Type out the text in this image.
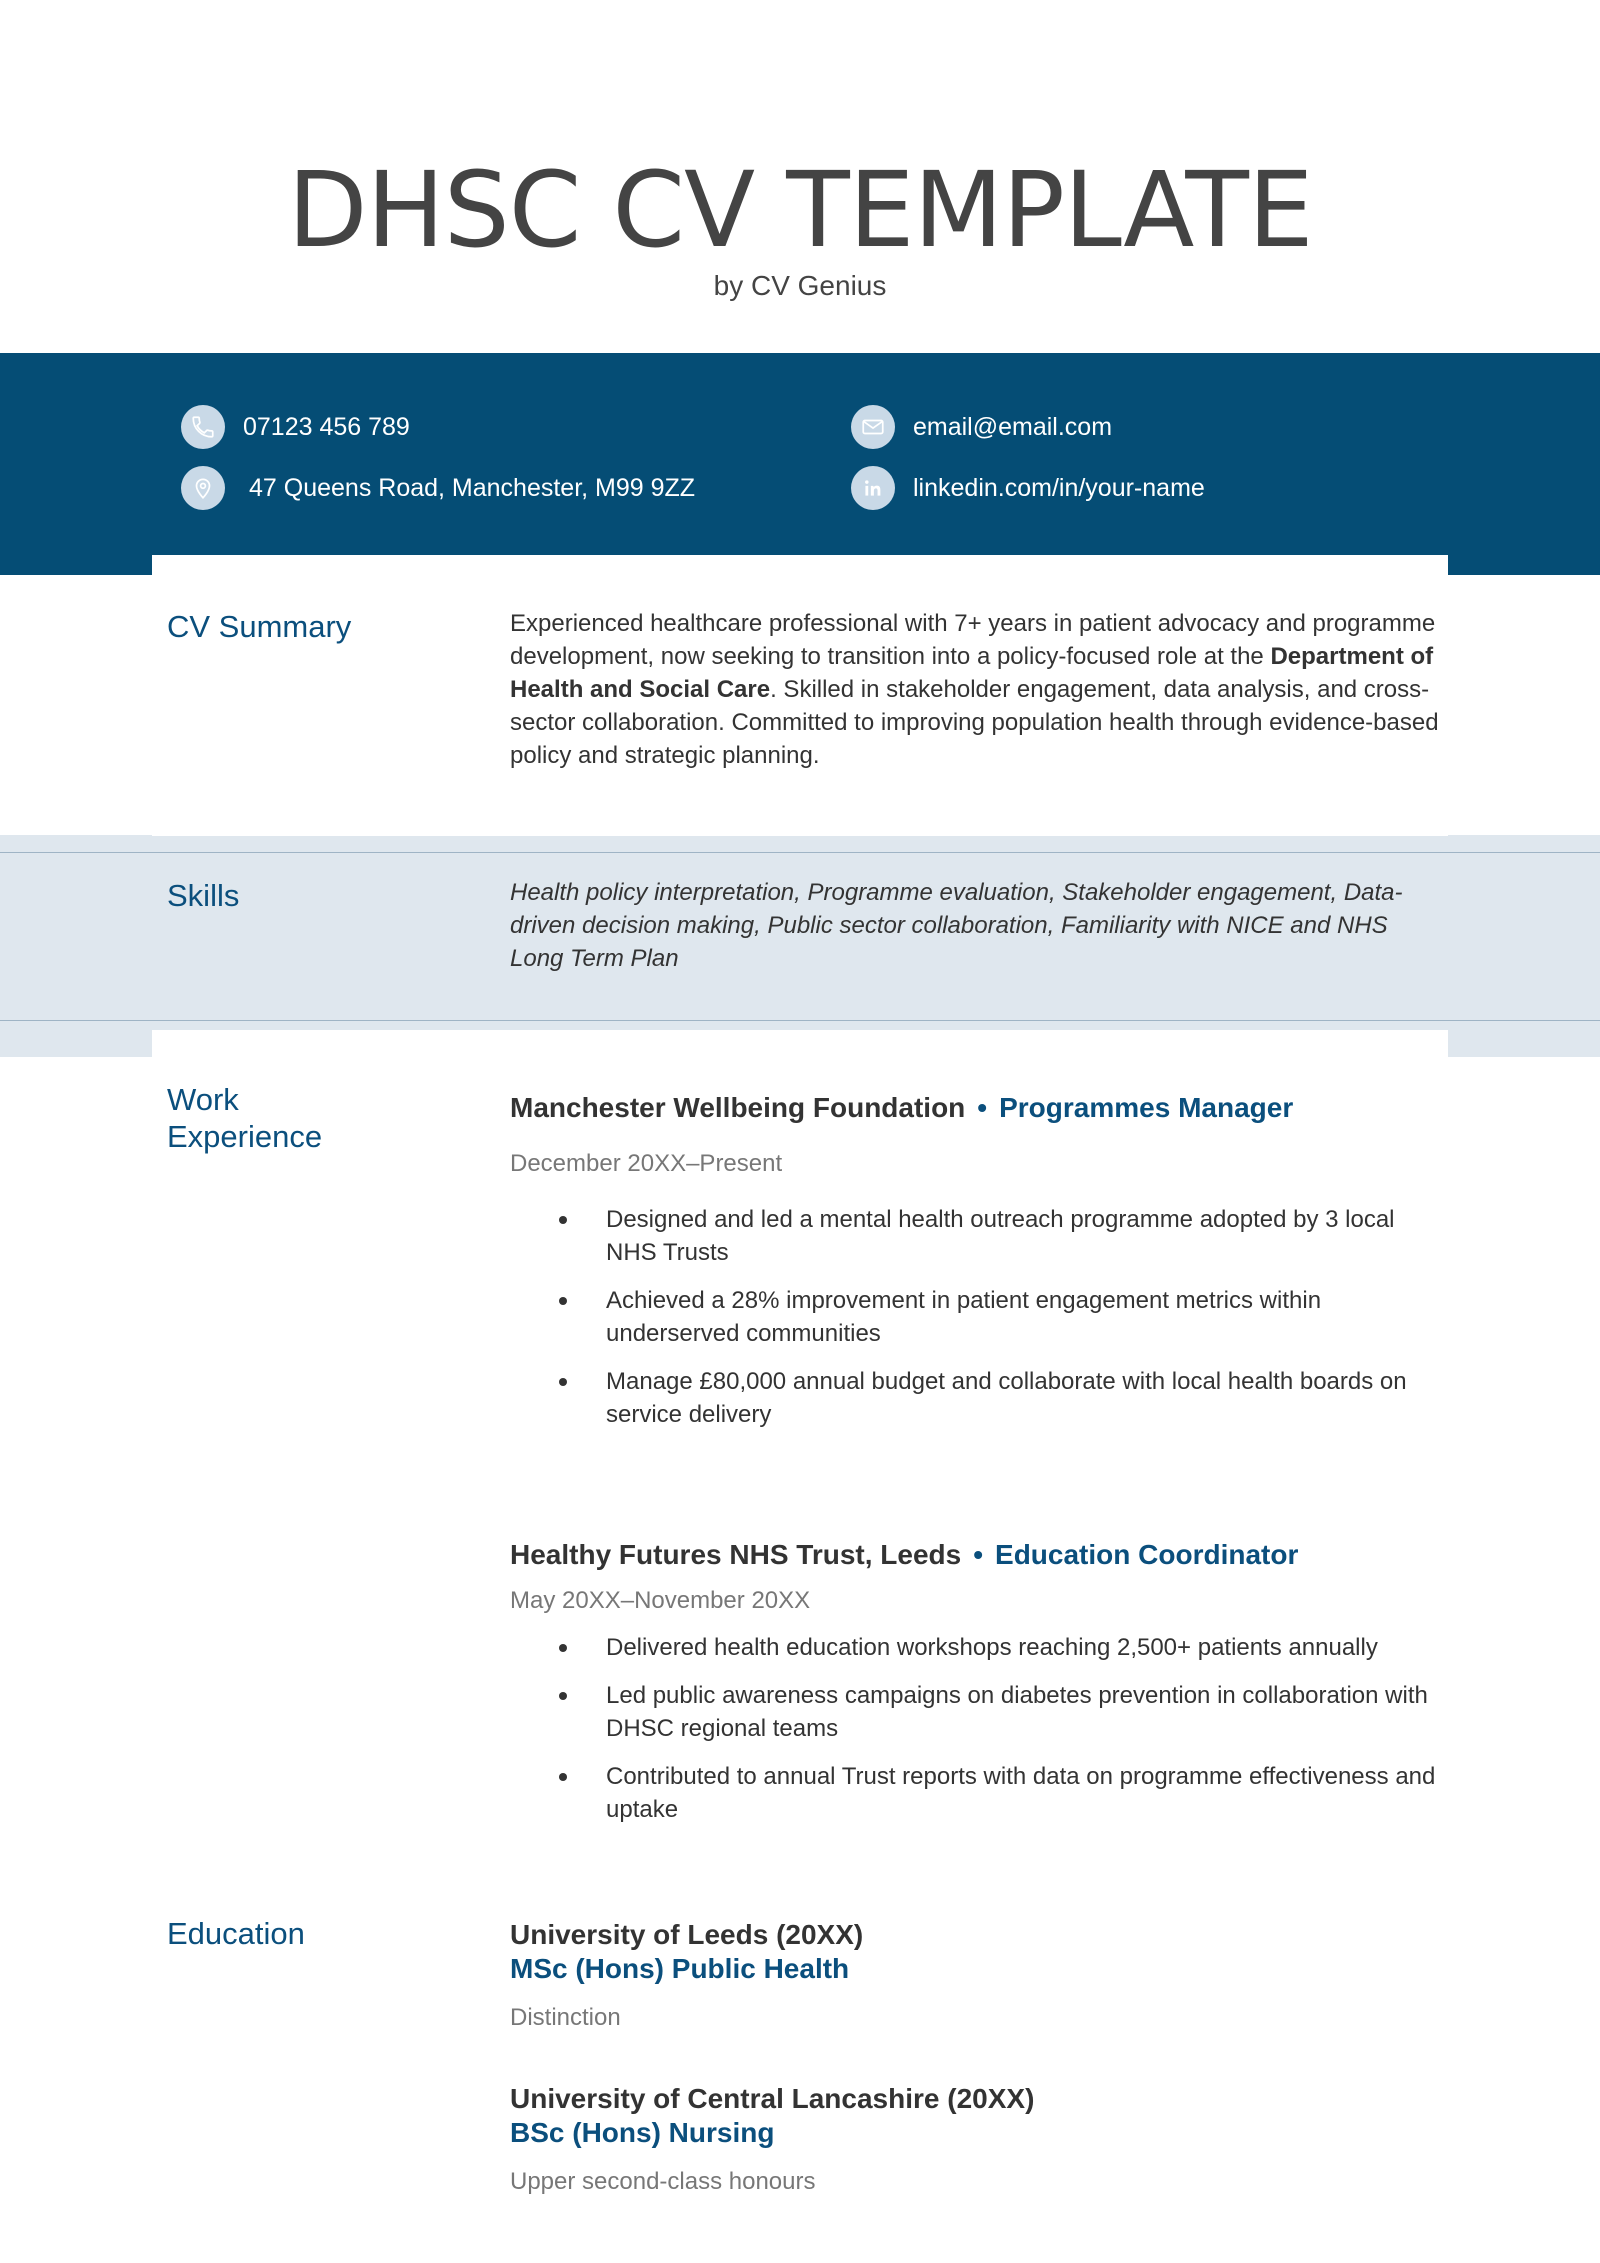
DHSC CV TEMPLATE
by CV Genius
07123 456 789
47 Queens Road, Manchester, M99 9ZZ
email@email.com
linkedin.com/in/your-name
CV Summary	Experienced healthcare professional with 7+ years in patient advocacy and programme development, now seeking to transition into a policy-focused role at the Department of Health and Social Care. Skilled in stakeholder engagement, data analysis, and cross-sector collaboration. Committed to improving population health through evidence-based policy and strategic planning.
Skills	Health policy interpretation, Programme evaluation, Stakeholder engagement, Data-driven decision making, Public sector collaboration, Familiarity with NICE and NHS Long Term Plan
Work
Experience
Manchester Wellbeing Foundation • Programmes Manager
December 20XX–Present
Designed and led a mental health outreach programme adopted by 3 local NHS Trusts
Achieved a 28% improvement in patient engagement metrics within underserved communities
Manage £80,000 annual budget and collaborate with local health boards on service delivery
Healthy Futures NHS Trust, Leeds • Education Coordinator
May 20XX–November 20XX
Delivered health education workshops reaching 2,500+ patients annually
Led public awareness campaigns on diabetes prevention in collaboration with DHSC regional teams
Contributed to annual Trust reports with data on programme effectiveness and uptake
Education	University of Leeds (20XX)
MSc (Hons) Public Health
Distinction
University of Central Lancashire (20XX)
BSc (Hons) Nursing
Upper second-class honours
